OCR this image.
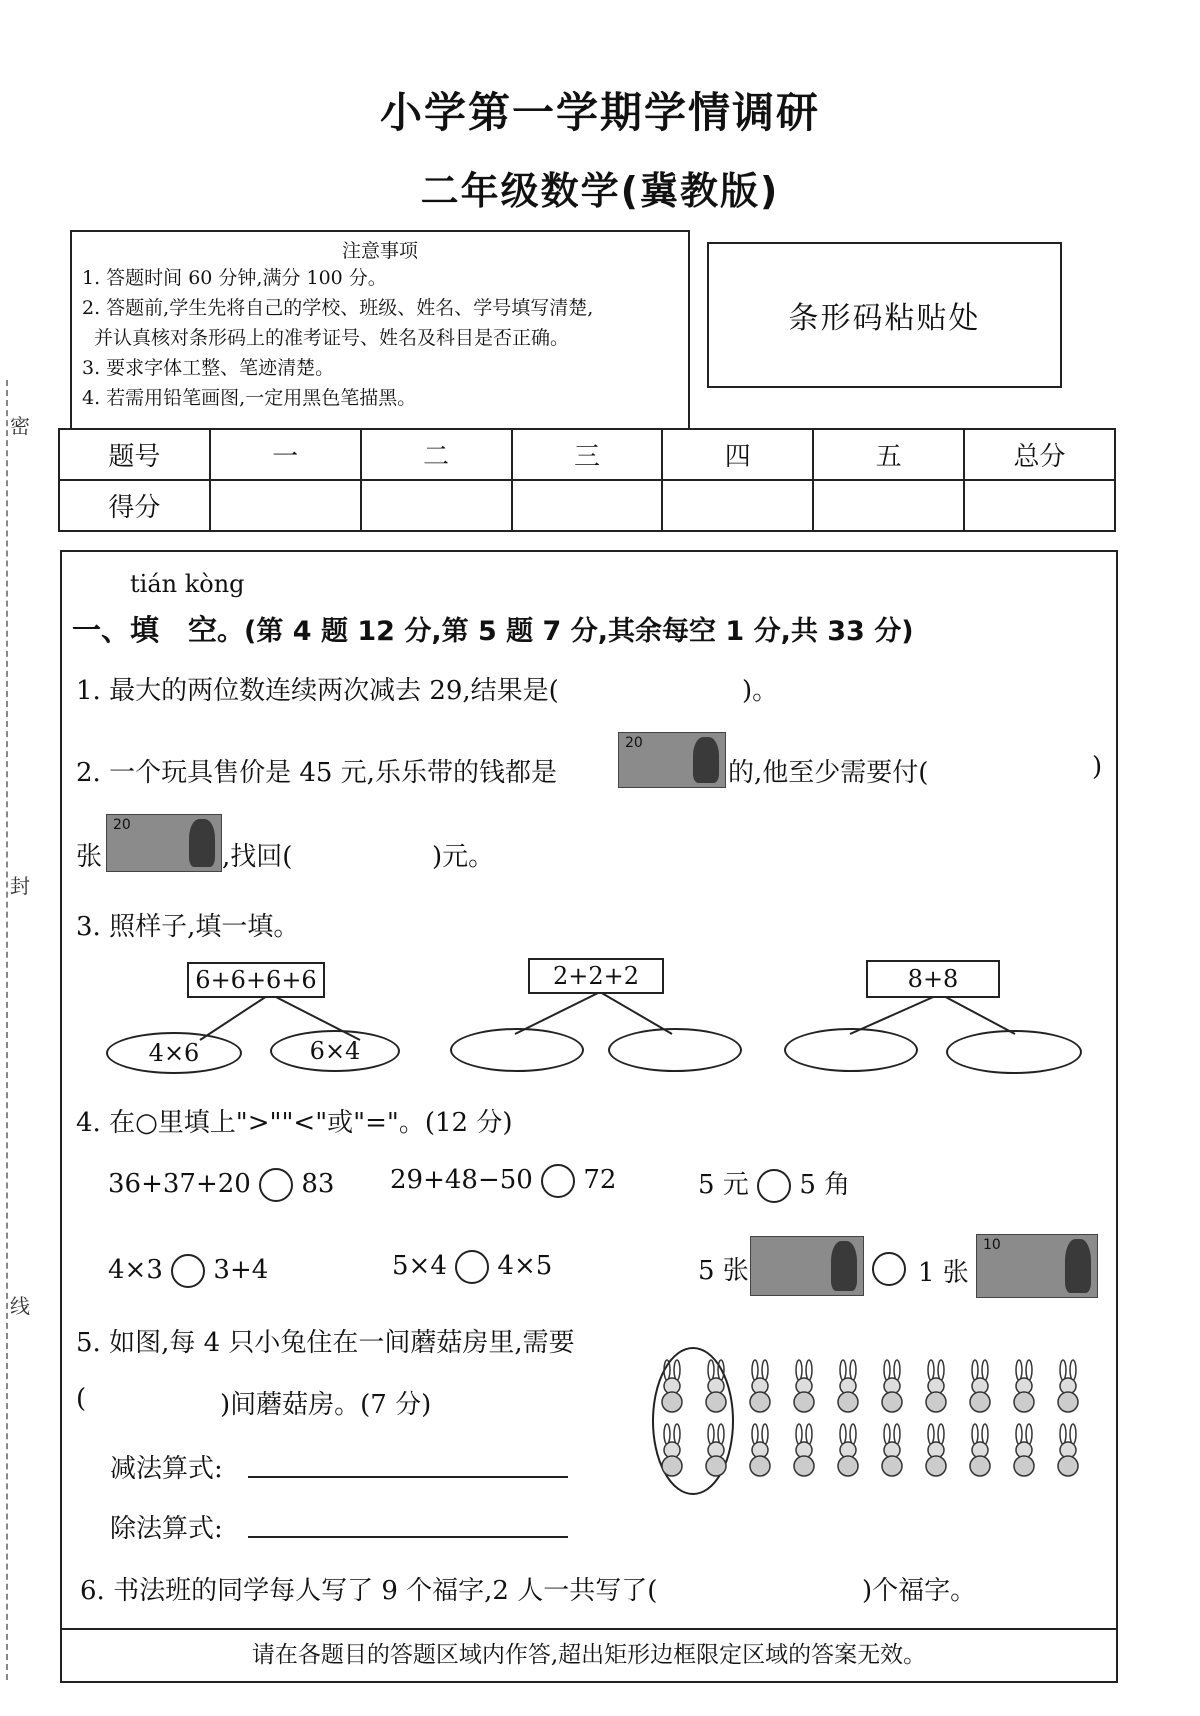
密
封
线
小学第一学期学情调研
二年级数学(冀教版)
注意事项
1. 答题时间 60 分钟,满分 100 分。
2. 答题前,学生先将自己的学校、班级、姓名、学号填写清楚,
并认真核对条形码上的准考证号、姓名及科目是否正确。
3. 要求字体工整、笔迹清楚。
4. 若需用铅笔画图,一定用黑色笔描黑。
条形码粘贴处
题号	一	二	三	四	五	总分
得分						
tián kòng
一、填　空。(第 4 题 12 分,第 5 题 7 分,其余每空 1 分,共 33 分)
1. 最大的两位数连续两次减去 29,结果是(	)。
2. 一个玩具售价是 45 元,乐乐带的钱都是
20
的,他至少需要付(	)
张
20
,找回(	)元。
3. 照样子,填一填。
6+6+6+6
4×6	6×4
2+2+2	8+8
4. 在○里填上">""<"或"="。(12 分)
36+37+20 83 29+48−50 72	5 元 5 角
4×3 3+4	5×4 4×5	5 张	1 张
10
5. 如图,每 4 只小兔住在一间蘑菇房里,需要
(	)间蘑菇房。(7 分)
减法算式:
除法算式:
6. 书法班的同学每人写了 9 个福字,2 人一共写了(	)个福字。
请在各题目的答题区域内作答,超出矩形边框限定区域的答案无效。
